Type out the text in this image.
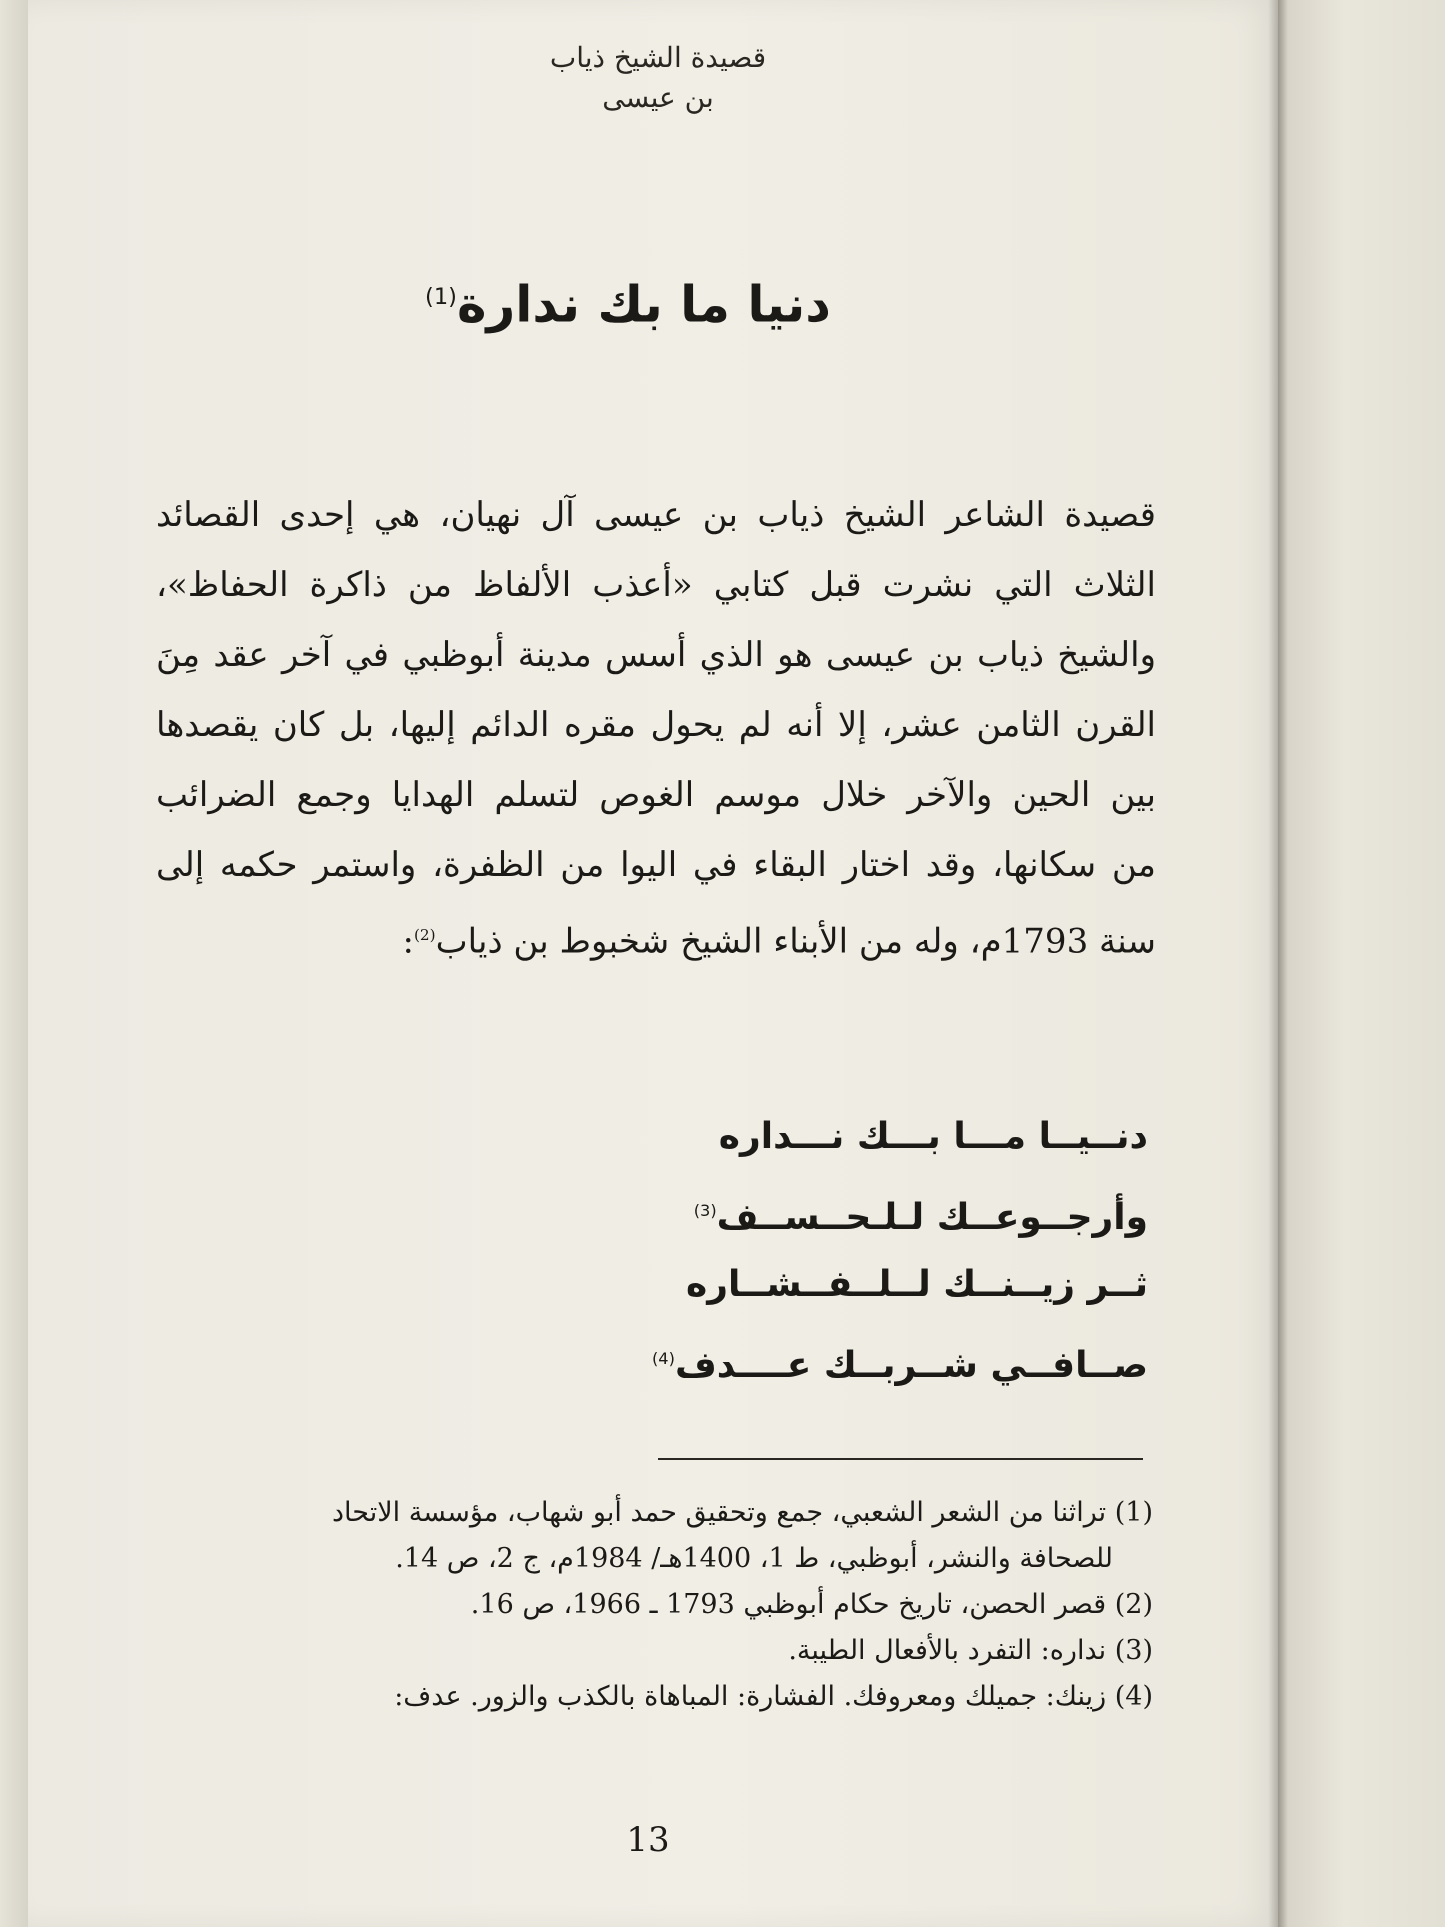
قصيدة الشيخ ذياب
بن عيسى
دنيا ما بك ندارة$^{(1)}$
قصيدة الشاعر الشيخ ذياب بن عيسى آل نهيان، هي إحدى القصائد
الثلاث التي نشرت قبل كتابي «أعذب الألفاظ من ذاكرة الحفاظ»،
والشيخ ذياب بن عيسى هو الذي أسس مدينة أبوظبي في آخر عقد مِنَ
القرن الثامن عشر، إلا أنه لم يحول مقره الدائم إليها، بل كان يقصدها
بين الحين والآخر خلال موسم الغوص لتسلم الهدايا وجمع الضرائب
من سكانها، وقد اختار البقاء في اليوا من الظفرة، واستمر حكمه إلى
سنة 1793م، وله من الأبناء الشيخ شخبوط بن ذياب$^{(2)}$:
دنــيــا مـــا بـــك نـــداره
وأرجــوعــك لـلـحــســف$^{(3)}$
ثــر زيــنــك لــلــفــشــاره
صــافــي شــربــك عــــدف$^{(4)}$
(1) تراثنا من الشعر الشعبي، جمع وتحقيق حمد أبو شهاب، مؤسسة الاتحاد
للصحافة والنشر، أبوظبي، ط 1، 1400هـ/ 1984م، ج 2، ص 14.
(2) قصر الحصن، تاريخ حكام أبوظبي 1793 ـ 1966، ص 16.
(3) نداره: التفرد بالأفعال الطيبة.
(4) زينك: جميلك ومعروفك. الفشارة: المباهاة بالكذب والزور. عدف:
13
